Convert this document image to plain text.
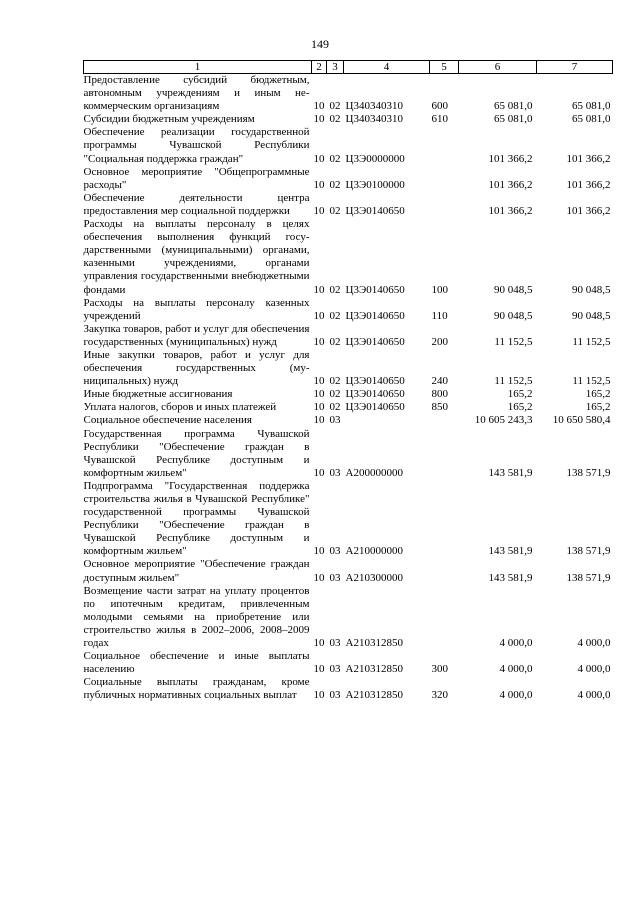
149
1	2	3	4	5	6	7
Предоставление субсидий бюджетным, автономным учреждениям и иным некоммерческим организациям	10	02	Ц340340310	600	65 081,0	65 081,0
Субсидии бюджетным учреждениям	10	02	Ц340340310	610	65 081,0	65 081,0
Обеспечение реализации государственной программы Чувашской Республики "Социальная поддержка граждан"	10	02	Ц3Э0000000		101 366,2	101 366,2
Основное мероприятие "Общепрограммные расходы"	10	02	Ц3Э0100000		101 366,2	101 366,2
Обеспечение деятельности центра предоставления мер социальной поддержки	10	02	Ц3Э0140650		101 366,2	101 366,2
Расходы на выплаты персоналу в целях обеспечения выполнения функций государственными (муниципальными) органами, казенными учреждениями, органами управления государственными внебюджетными фондами	10	02	Ц3Э0140650	100	90 048,5	90 048,5
Расходы на выплаты персоналу казенных учреждений	10	02	Ц3Э0140650	110	90 048,5	90 048,5
Закупка товаров, работ и услуг для обеспечения государственных (муниципальных) нужд	10	02	Ц3Э0140650	200	11 152,5	11 152,5
Иные закупки товаров, работ и услуг для обеспечения государственных (муниципальных) нужд	10	02	Ц3Э0140650	240	11 152,5	11 152,5
Иные бюджетные ассигнования	10	02	Ц3Э0140650	800	165,2	165,2
Уплата налогов, сборов и иных платежей	10	02	Ц3Э0140650	850	165,2	165,2
Социальное обеспечение населения	10	03			10 605 243,3	10 650 580,4
Государственная программа Чувашской Республики "Обеспечение граждан в Чувашской Республике доступным и комфортным жильем"	10	03	А200000000		143 581,9	138 571,9
Подпрограмма "Государственная поддержка строительства жилья в Чувашской Республике" государственной программы Чувашской Республики "Обеспечение граждан в Чувашской Республике доступным и комфортным жильем"	10	03	А210000000		143 581,9	138 571,9
Основное мероприятие "Обеспечение граждан доступным жильем"	10	03	А210300000		143 581,9	138 571,9
Возмещение части затрат на уплату процентов по ипотечным кредитам, привлеченным молодыми семьями на приобретение или строительство жилья в 2002–2006, 2008–2009 годах	10	03	А210312850		4 000,0	4 000,0
Социальное обеспечение и иные выплаты населению	10	03	А210312850	300	4 000,0	4 000,0
Социальные выплаты гражданам, кроме публичных нормативных социальных выплат	10	03	А210312850	320	4 000,0	4 000,0
